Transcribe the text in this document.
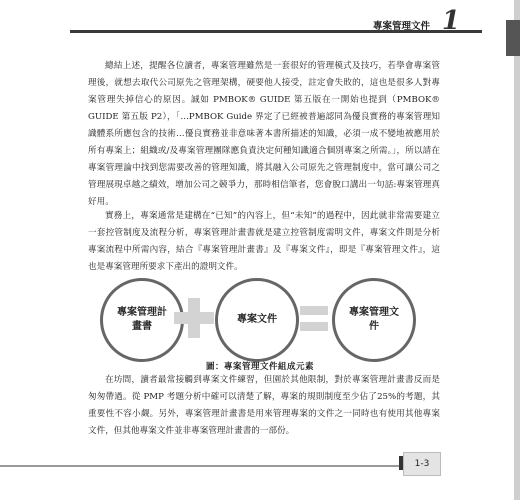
專案管理文件 1

總結上述，提醒各位讀者，專案管理雖然是一套很好的管理模式及技巧，若學會專案管理後，就想去取代公司原先之管理架構，硬要他人接受，註定會失敗的，這也是很多人對專案管理失掉信心的原因。誠如 PMBOK® GUIDE 第五版在一開始也提到（PMBOK® GUIDE 第五版 P2），「…PMBOK Guide 界定了已經被普遍認同為優良實務的專案管理知識體系所應包含的技術…優良實務並非意味著本書所描述的知識，必須一成不變地被應用於所有專案上；組織或/及專案管理團隊應負責決定何種知識適合個別專案之所需。」，所以請在專案管理論中找到您需要改善的管理知識，將其融入公司原先之管理制度中，當可讓公司之管理展現卓越之績效，增加公司之競爭力，那時相信筆者，您會脫口講出一句話:專案管理真好用。

實務上，專案通常是建構在“已知”的內容上，但“未知”的過程中，因此就非常需要建立一套控管制度及流程分析，專案管理計畫書就是建立控管制度需明文件，專案文件則是分析專案流程中所需內容，結合『專案管理計畫書』及『專案文件』，即是『專案管理文件』，這也是專案管理所要求下產出的證明文件。

專案管理計畫書
專案文件
專案管理文件
圖：專案管理文件組成元素

在坊間，讀者最常接觸到專案文件練習，但園於其他限制，對於專案管理計畫書反而是匆匆帶過。從 PMP 考題分析中確可以清楚了解，專案的規則制度至少佔了25%的考題，其重要性不容小觑。另外，專案管理計畫書是用來管理專案的文件之一同時也有使用其他專案文件，但其他專案文件並非專案管理計畫書的一部份。

1-3
